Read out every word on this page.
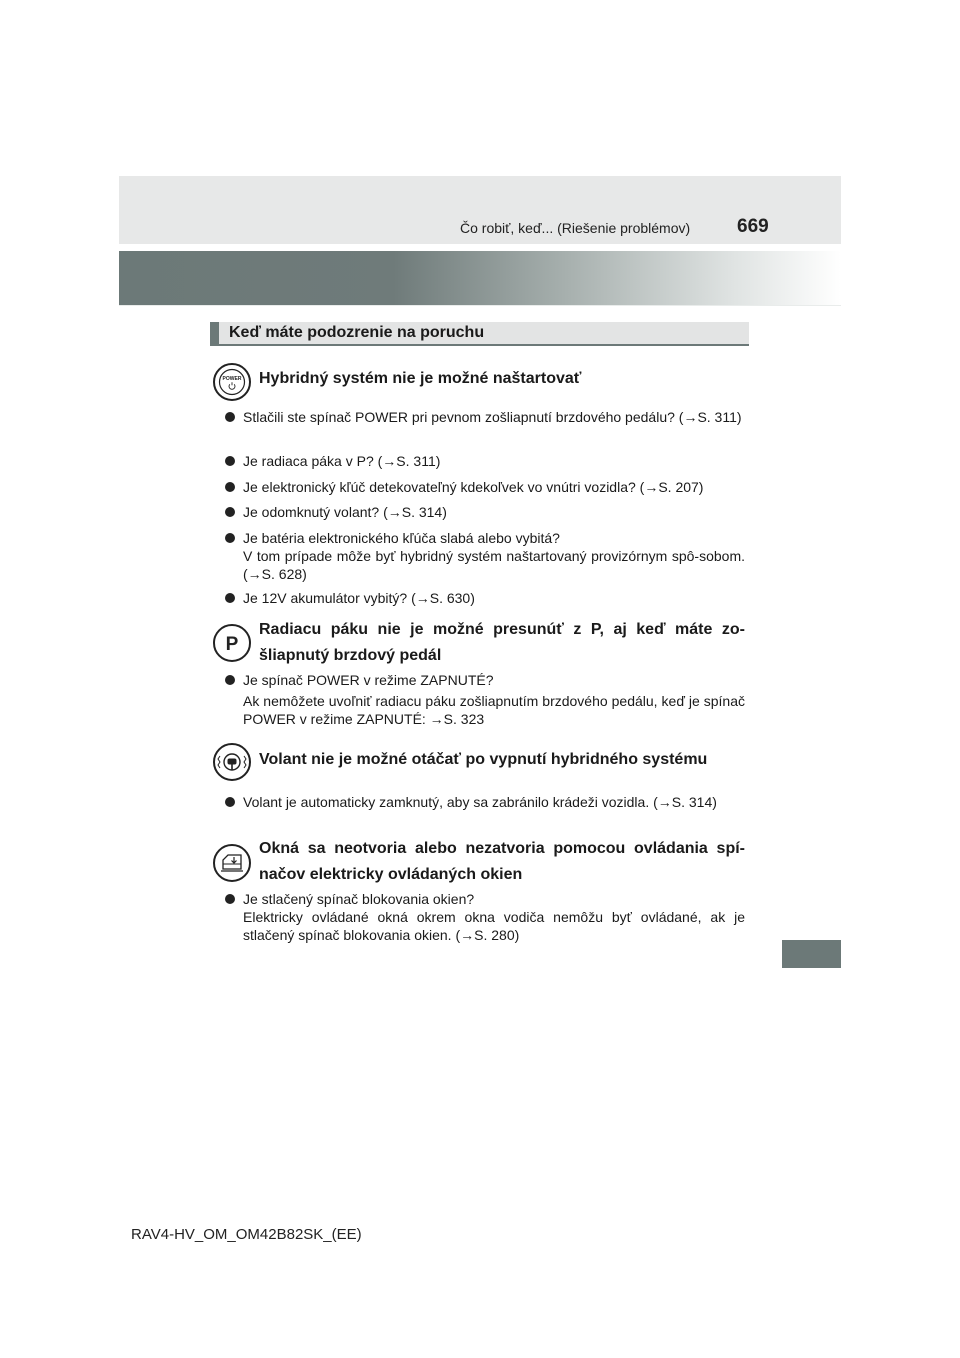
Čo robiť, keď... (Riešenie problémov) 669
Keď máte podozrenie na poruchu
POWER Hybridný systém nie je možné naštartovať
Stlačili ste spínač POWER pri pevnom zošliapnutí brzdového pedálu? (→S. 311)
Je radiaca páka v P? (→S. 311)
Je elektronický kľúč detekovateľný kdekoľvek vo vnútri vozidla? (→S. 207)
Je odomknutý volant? (→S. 314)
Je batéria elektronického kľúča slabá alebo vybitá?
V tom prípade môže byť hybridný systém naštartovaný provizórnym spô-sobom. (→S. 628)
Je 12V akumulátor vybitý? (→S. 630)
P
Radiacu páku nie je možné presunúť z P, aj keď máte zo-šliapnutý brzdový pedál
Je spínač POWER v režime ZAPNUTÉ?
Ak nemôžete uvoľniť radiacu páku zošliapnutím brzdového pedálu, keď je spínač POWER v režime ZAPNUTÉ: →S. 323
Volant nie je možné otáčať po vypnutí hybridného systému
Volant je automaticky zamknutý, aby sa zabránilo krádeži vozidla. (→S. 314)
Okná sa neotvoria alebo nezatvoria pomocou ovládania spí-načov elektricky ovládaných okien
Je stlačený spínač blokovania okien?
Elektricky ovládané okná okrem okna vodiča nemôžu byť ovládané, ak je stlačený spínač blokovania okien. (→S. 280)
RAV4-HV_OM_OM42B82SK_(EE)
